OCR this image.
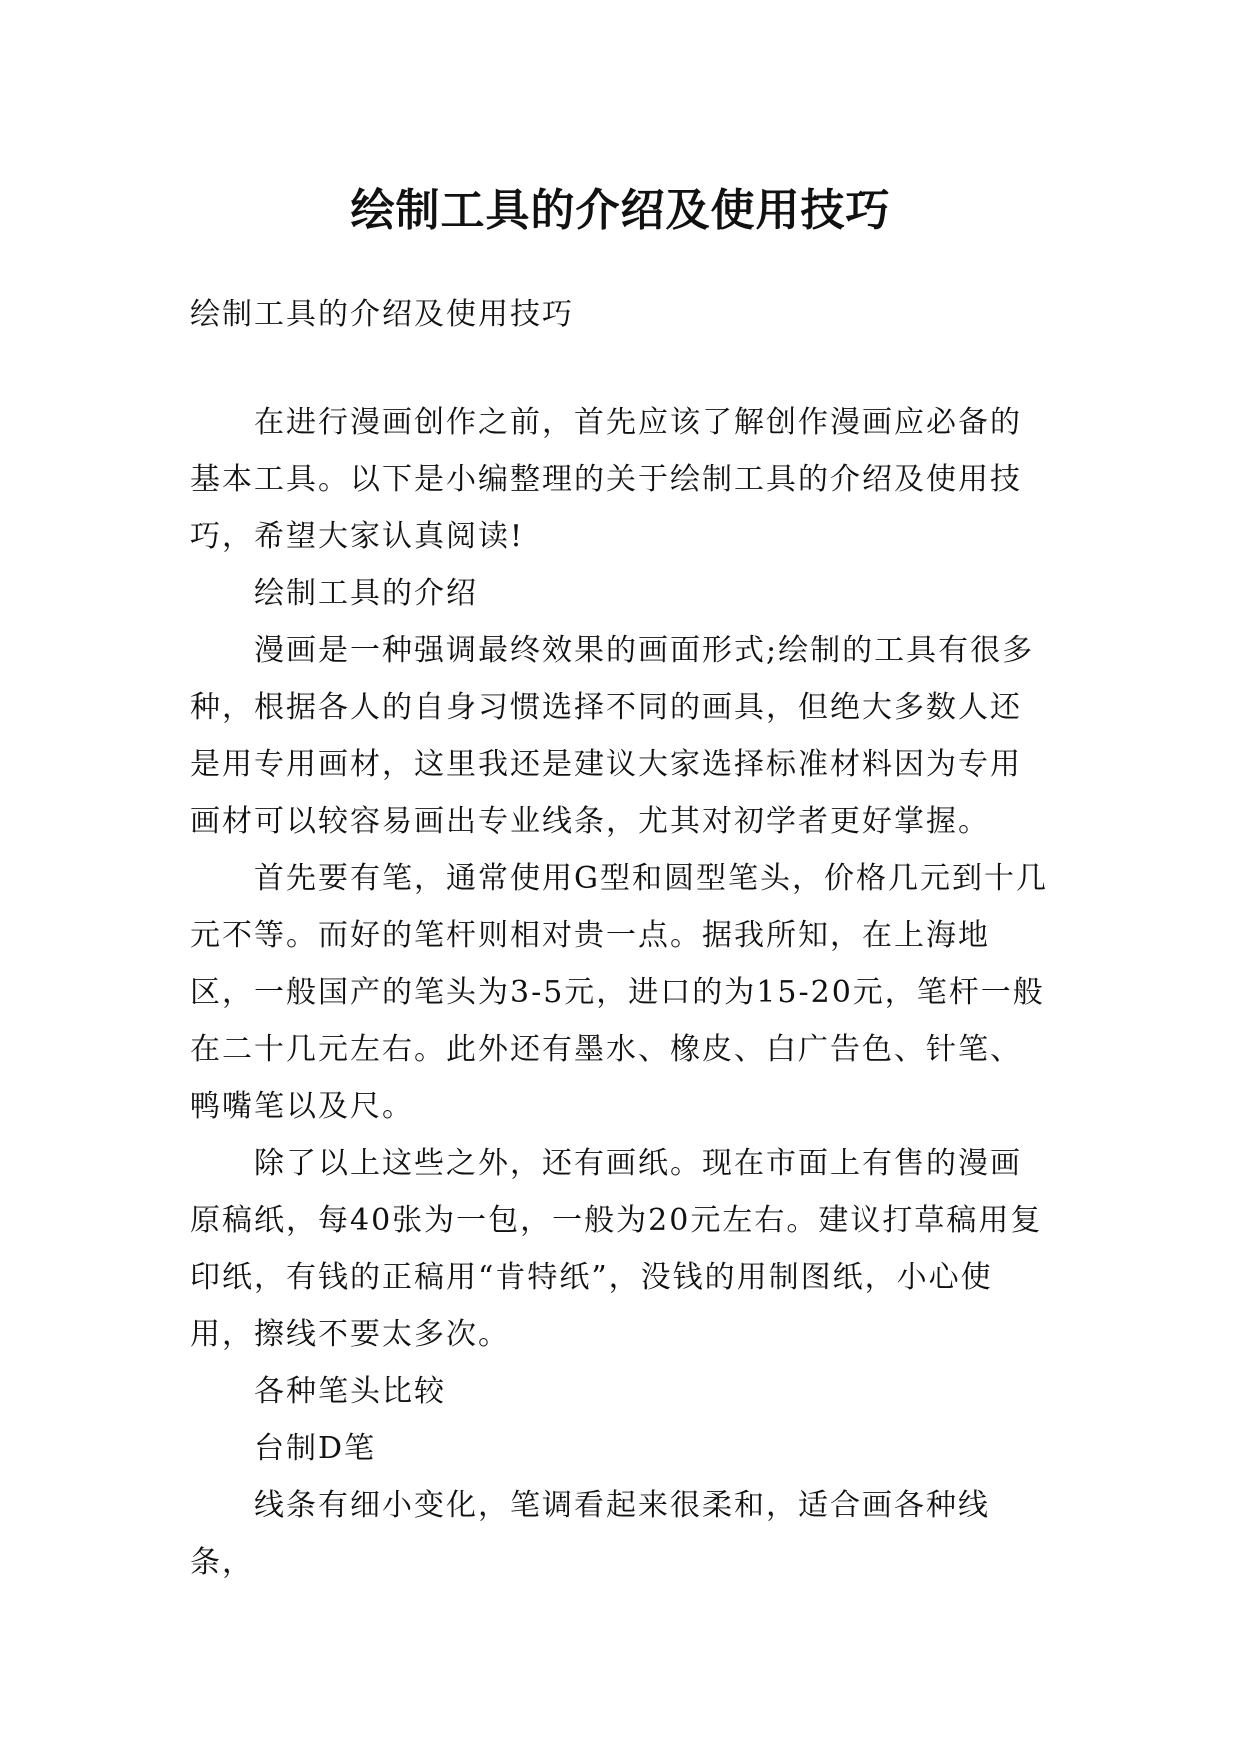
绘制工具的介绍及使用技巧

绘制工具的介绍及使用技巧

在进行漫画创作之前，首先应该了解创作漫画应必备的基本工具。以下是小编整理的关于绘制工具的介绍及使用技巧，希望大家认真阅读!

绘制工具的介绍

漫画是一种强调最终效果的画面形式;绘制的工具有很多种，根据各人的自身习惯选择不同的画具，但绝大多数人还是用专用画材，这里我还是建议大家选择标准材料因为专用画材可以较容易画出专业线条，尤其对初学者更好掌握。

首先要有笔，通常使用G型和圆型笔头，价格几元到十几元不等。而好的笔杆则相对贵一点。据我所知，在上海地区，一般国产的笔头为3-5元，进口的为15-20元，笔杆一般在二十几元左右。此外还有墨水、橡皮、白广告色、针笔、鸭嘴笔以及尺。

除了以上这些之外，还有画纸。现在市面上有售的漫画原稿纸，每40张为一包，一般为20元左右。建议打草稿用复印纸，有钱的正稿用“肯特纸”，没钱的用制图纸，小心使用，擦线不要太多次。

各种笔头比较

台制D笔

线条有细小变化，笔调看起来很柔和，适合画各种线条，
